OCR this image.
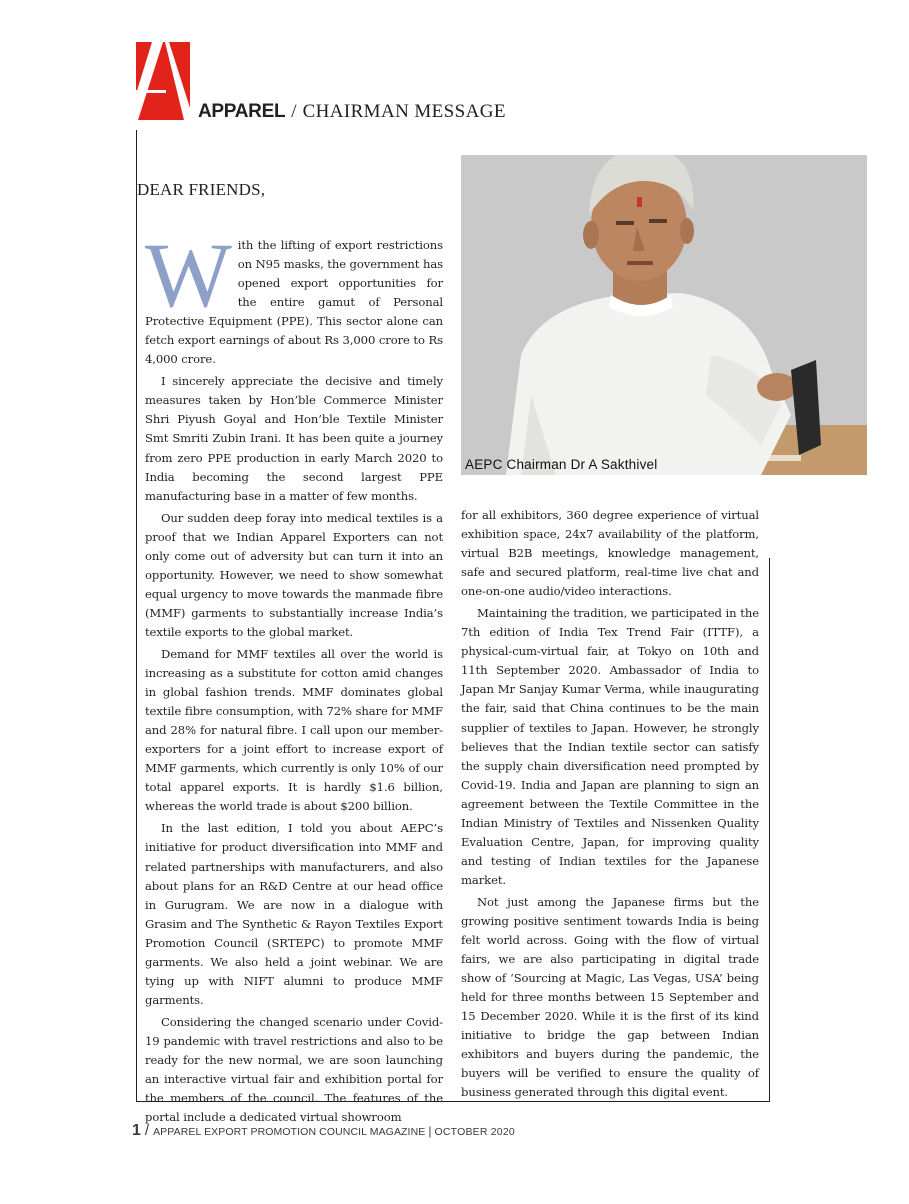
APPAREL / CHAIRMAN MESSAGE
AEPC Chairman Dr A Sakthivel
DEAR FRIENDS,

With the lifting of export restrictions on N95 masks, the government has opened export opportunities for the entire gamut of Personal Protective Equipment (PPE). This sector alone can fetch export earnings of about Rs 3,000 crore to Rs 4,000 crore.

I sincerely appreciate the decisive and timely measures taken by Hon’ble Commerce Minister Shri Piyush Goyal and Hon’ble Textile Minister Smt Smriti Zubin Irani. It has been quite a journey from zero PPE production in early March 2020 to India becoming the second largest PPE manufacturing base in a matter of few months.

Our sudden deep foray into medical textiles is a proof that we Indian Apparel Exporters can not only come out of adversity but can turn it into an opportunity. However, we need to show somewhat equal urgency to move towards the manmade fibre (MMF) garments to substantially increase India’s textile exports to the global market.

Demand for MMF textiles all over the world is increasing as a substitute for cotton amid changes in global fashion trends. MMF dominates global textile fibre consumption, with 72% share for MMF and 28% for natural fibre. I call upon our member-exporters for a joint effort to increase export of MMF garments, which currently is only 10% of our total apparel exports. It is hardly $1.6 billion, whereas the world trade is about $200 billion.

In the last edition, I told you about AEPC’s initiative for product diversification into MMF and related partnerships with manufacturers, and also about plans for an R&D Centre at our head office in Gurugram. We are now in a dialogue with Grasim and The Synthetic & Rayon Textiles Export Promotion Council (SRTEPC) to promote MMF garments. We also held a joint webinar. We are tying up with NIFT alumni to produce MMF garments.

Considering the changed scenario under Covid-19 pandemic with travel restrictions and also to be ready for the new normal, we are soon launching an interactive virtual fair and exhibition portal for the members of the council. The features of the portal include a dedicated virtual showroom

for all exhibitors, 360 degree experience of virtual exhibition space, 24x7 availability of the platform, virtual B2B meetings, knowledge management, safe and secured platform, real-time live chat and one-on-one audio/video interactions.

Maintaining the tradition, we participated in the 7th edition of India Tex Trend Fair (ITTF), a physical-cum-virtual fair, at Tokyo on 10th and 11th September 2020. Ambassador of India to Japan Mr Sanjay Kumar Verma, while inaugurating the fair, said that China continues to be the main supplier of textiles to Japan. However, he strongly believes that the Indian textile sector can satisfy the supply chain diversification need prompted by Covid-19. India and Japan are planning to sign an agreement between the Textile Committee in the Indian Ministry of Textiles and Nissenken Quality Evaluation Centre, Japan, for improving quality and testing of Indian textiles for the Japanese market.

Not just among the Japanese firms but the growing positive sentiment towards India is being felt world across. Going with the flow of virtual fairs, we are also participating in digital trade show of ‘Sourcing at Magic, Las Vegas, USA’ being held for three months between 15 September and 15 December 2020. While it is the first of its kind initiative to bridge the gap between Indian exhibitors and buyers during the pandemic, the buyers will be verified to ensure the quality of business generated through this digital event.

1 / APPAREL EXPORT PROMOTION COUNCIL MAGAZINE | OCTOBER 2020
